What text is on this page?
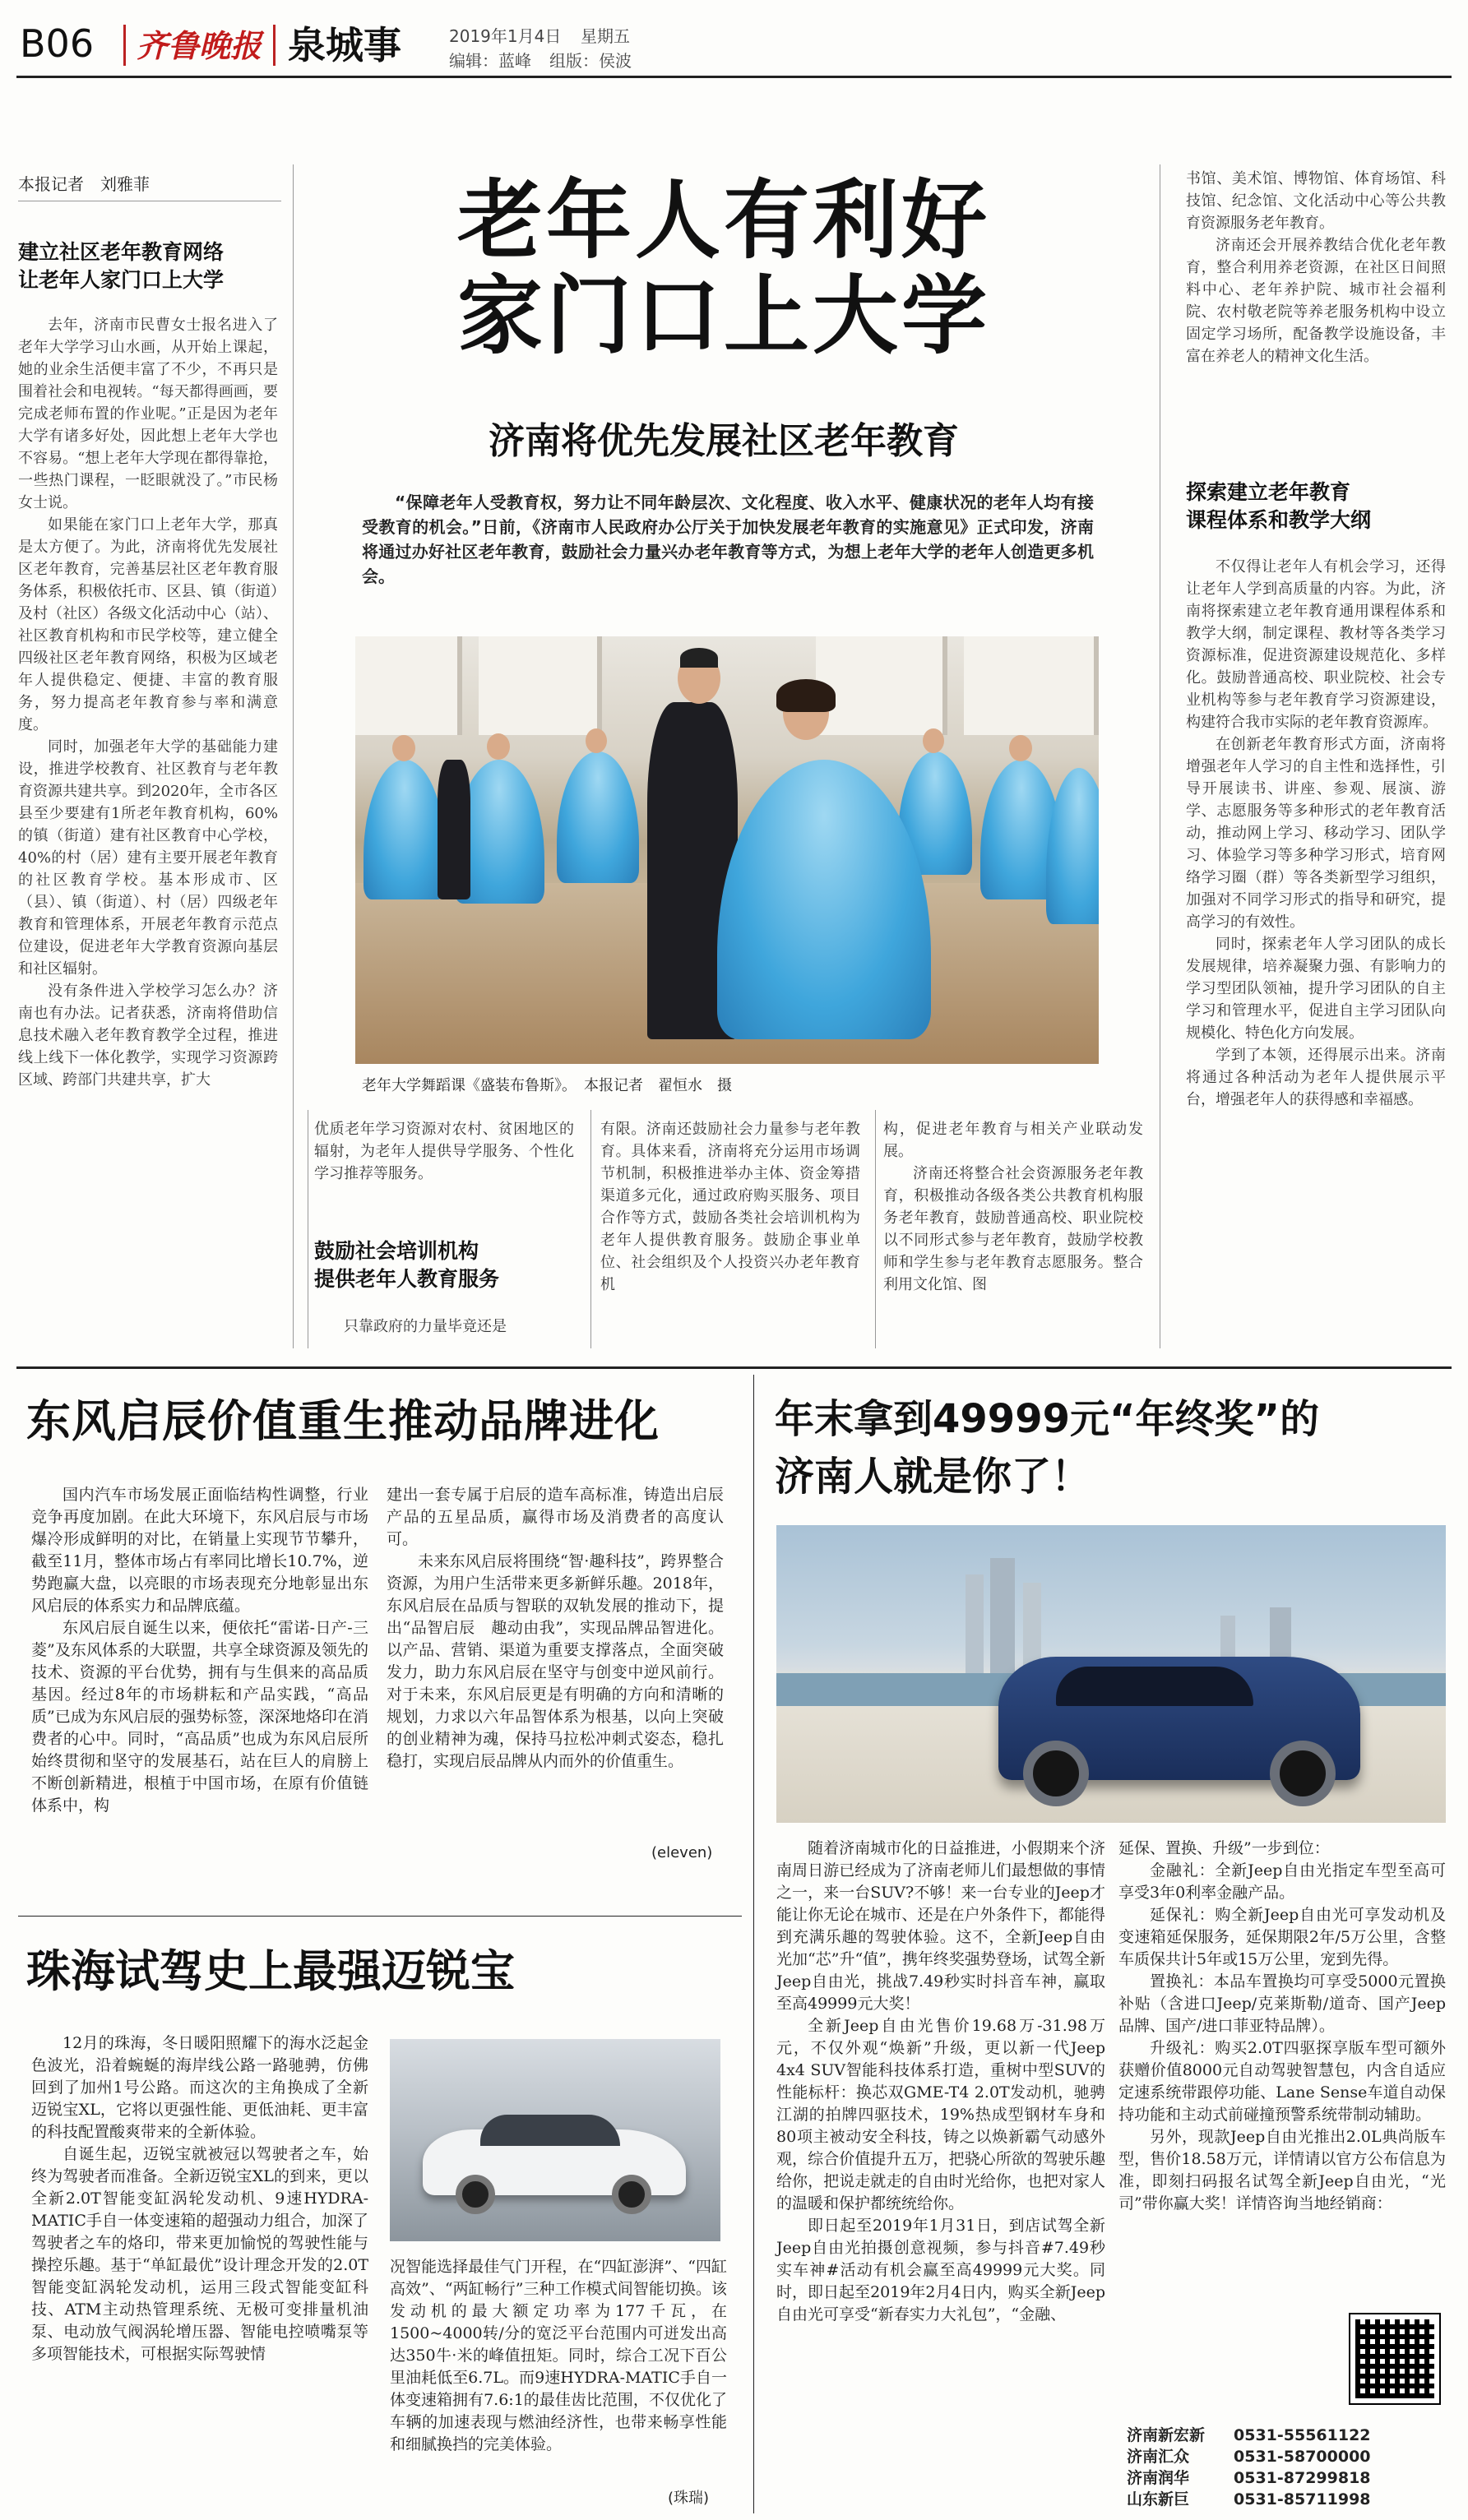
B06 齐鲁晚报 泉城事	2019年1月4日 星期五
编辑：蓝峰 组版：侯波
本报记者　刘雅菲
建立社区老年教育网络
让老年人家门口上大学

去年，济南市民曹女士报名进入了老年大学学习山水画，从开始上课起，她的业余生活便丰富了不少，不再只是围着社会和电视转。“每天都得画画，要完成老师布置的作业呢。”正是因为老年大学有诸多好处，因此想上老年大学也不容易。“想上老年大学现在都得靠抢，一些热门课程，一眨眼就没了。”市民杨女士说。

如果能在家门口上老年大学，那真是太方便了。为此，济南将优先发展社区老年教育，完善基层社区老年教育服务体系，积极依托市、区县、镇（街道）及村（社区）各级文化活动中心（站）、社区教育机构和市民学校等，建立健全四级社区老年教育网络，积极为区域老年人提供稳定、便捷、丰富的教育服务，努力提高老年教育参与率和满意度。

同时，加强老年大学的基础能力建设，推进学校教育、社区教育与老年教育资源共建共享。到2020年，全市各区县至少要建有1所老年教育机构，60%的镇（街道）建有社区教育中心学校，40%的村（居）建有主要开展老年教育的社区教育学校。基本形成市、区（县）、镇（街道）、村（居）四级老年教育和管理体系，开展老年教育示范点位建设，促进老年大学教育资源向基层和社区辐射。

没有条件进入学校学习怎么办？济南也有办法。记者获悉，济南将借助信息技术融入老年教育教学全过程，推进线上线下一体化教学，实现学习资源跨区域、跨部门共建共享，扩大

老年人有利好
家门口上大学
济南将优先发展社区老年教育
“保障老年人受教育权，努力让不同年龄层次、文化程度、收入水平、健康状况的老年人均有接受教育的机会。”日前，《济南市人民政府办公厅关于加快发展老年教育的实施意见》正式印发，济南将通过办好社区老年教育，鼓励社会力量兴办老年教育等方式，为想上老年大学的老年人创造更多机会。
老年大学舞蹈课《盛装布鲁斯》。　本报记者　翟恒水　摄

优质老年学习资源对农村、贫困地区的辐射，为老年人提供导学服务、个性化学习推荐等服务。

鼓励社会培训机构
提供老年人教育服务

只靠政府的力量毕竟还是

有限。济南还鼓励社会力量参与老年教育。具体来看，济南将充分运用市场调节机制，积极推进举办主体、资金筹措渠道多元化，通过政府购买服务、项目合作等方式，鼓励各类社会培训机构为老年人提供教育服务。鼓励企事业单位、社会组织及个人投资兴办老年教育机

构，促进老年教育与相关产业联动发展。

济南还将整合社会资源服务老年教育，积极推动各级各类公共教育机构服务老年教育，鼓励普通高校、职业院校以不同形式参与老年教育，鼓励学校教师和学生参与老年教育志愿服务。整合利用文化馆、图

书馆、美术馆、博物馆、体育场馆、科技馆、纪念馆、文化活动中心等公共教育资源服务老年教育。

济南还会开展养教结合优化老年教育，整合利用养老资源，在社区日间照料中心、老年养护院、城市社会福利院、农村敬老院等养老服务机构中设立固定学习场所，配备教学设施设备，丰富在养老人的精神文化生活。

探索建立老年教育
课程体系和教学大纲

不仅得让老年人有机会学习，还得让老年人学到高质量的内容。为此，济南将探索建立老年教育通用课程体系和教学大纲，制定课程、教材等各类学习资源标准，促进资源建设规范化、多样化。鼓励普通高校、职业院校、社会专业机构等参与老年教育学习资源建设，构建符合我市实际的老年教育资源库。

在创新老年教育形式方面，济南将增强老年人学习的自主性和选择性，引导开展读书、讲座、参观、展演、游学、志愿服务等多种形式的老年教育活动，推动网上学习、移动学习、团队学习、体验学习等多种学习形式，培育网络学习圈（群）等各类新型学习组织，加强对不同学习形式的指导和研究，提高学习的有效性。

同时，探索老年人学习团队的成长发展规律，培养凝聚力强、有影响力的学习型团队领袖，提升学习团队的自主学习和管理水平，促进自主学习团队向规模化、特色化方向发展。

学到了本领，还得展示出来。济南将通过各种活动为老年人提供展示平台，增强老年人的获得感和幸福感。

东风启辰价值重生推动品牌进化

国内汽车市场发展正面临结构性调整，行业竞争再度加剧。在此大环境下，东风启辰与市场爆冷形成鲜明的对比，在销量上实现节节攀升，截至11月，整体市场占有率同比增长10.7%，逆势跑赢大盘，以亮眼的市场表现充分地彰显出东风启辰的体系实力和品牌底蕴。

东风启辰自诞生以来，便依托“雷诺-日产-三菱”及东风体系的大联盟，共享全球资源及领先的技术、资源的平台优势，拥有与生俱来的高品质基因。经过8年的市场耕耘和产品实践，“高品质”已成为东风启辰的强势标签，深深地烙印在消费者的心中。同时，“高品质”也成为东风启辰所始终贯彻和坚守的发展基石，站在巨人的肩膀上不断创新精进，根植于中国市场，在原有价值链体系中，构

建出一套专属于启辰的造车高标准，铸造出启辰产品的五星品质，赢得市场及消费者的高度认可。

未来东风启辰将围绕“智·趣科技”，跨界整合资源，为用户生活带来更多新鲜乐趣。2018年，东风启辰在品质与智联的双轨发展的推动下，提出“品智启辰　趣动由我”，实现品牌品智进化。以产品、营销、渠道为重要支撑落点，全面突破发力，助力东风启辰在坚守与创变中逆风前行。对于未来，东风启辰更是有明确的方向和清晰的规划，力求以六年品智体系为根基，以向上突破的创业精神为魂，保持马拉松冲刺式姿态，稳扎稳打，实现启辰品牌从内而外的价值重生。

(eleven)
珠海试驾史上最强迈锐宝

12月的珠海，冬日暖阳照耀下的海水泛起金色波光，沿着蜿蜒的海岸线公路一路驰骋，仿佛回到了加州1号公路。而这次的主角换成了全新迈锐宝XL，它将以更强性能、更低油耗、更丰富的科技配置酸爽带来的全新体验。

自诞生起，迈锐宝就被冠以驾驶者之车，始终为驾驶者而准备。全新迈锐宝XL的到来，更以全新2.0T智能变缸涡轮发动机、9速HYDRA-MATIC手自一体变速箱的超强动力组合，加深了驾驶者之车的烙印，带来更加愉悦的驾驶性能与操控乐趣。基于“单缸最优”设计理念开发的2.0T智能变缸涡轮发动机，运用三段式智能变缸科技、ATM主动热管理系统、无极可变排量机油泵、电动放气阀涡轮增压器、智能电控喷嘴泵等多项智能技术，可根据实际驾驶情

况智能选择最佳气门开程，在“四缸澎湃”、“四缸高效”、“两缸畅行”三种工作模式间智能切换。该发动机的最大额定功率为177千瓦，在1500~4000转/分的宽泛平台范围内可迸发出高达350牛·米的峰值扭矩。同时，综合工况下百公里油耗低至6.7L。而9速HYDRA-MATIC手自一体变速箱拥有7.6:1的最佳齿比范围，不仅优化了车辆的加速表现与燃油经济性，也带来畅享性能和细腻换挡的完美体验。

(珠瑞)
年末拿到49999元“年终奖”的
济南人就是你了！

随着济南城市化的日益推进，小假期来个济南周日游已经成为了济南老师儿们最想做的事情之一，来一台SUV?不够！来一台专业的Jeep才能让你无论在城市、还是在户外条件下，都能得到充满乐趣的驾驶体验。这不，全新Jeep自由光加“芯”升“值”，携年终奖强势登场，试驾全新Jeep自由光，挑战7.49秒实时抖音车神，赢取至高49999元大奖！

全新Jeep自由光售价19.68万-31.98万元，不仅外观“焕新”升级，更以新一代Jeep 4x4 SUV智能科技体系打造，重树中型SUV的性能标杆：换芯双GME-T4 2.0T发动机，驰骋江湖的拍牌四驱技术，19%热成型钢材车身和80项主被动安全科技，铸之以焕新霸气动感外观，综合价值提升五万，把骁心所欲的驾驶乐趣给你，把说走就走的自由时光给你，也把对家人的温暖和保护都统统给你。

即日起至2019年1月31日，到店试驾全新Jeep自由光拍摄创意视频，参与抖音#7.49秒实车神#活动有机会赢至高49999元大奖。同时，即日起至2019年2月4日内，购买全新Jeep自由光可享受“新春实力大礼包”，“金融、

延保、置换、升级”一步到位：

金融礼：全新Jeep自由光指定车型至高可享受3年0利率金融产品。

延保礼：购全新Jeep自由光可享发动机及变速箱延保服务，延保期限2年/5万公里，含整车质保共计5年或15万公里，宠到先得。

置换礼：本品车置换均可享受5000元置换补贴（含进口Jeep/克莱斯勒/道奇、国产Jeep品牌、国产/进口菲亚特品牌）。

升级礼：购买2.0T四驱探享版车型可额外获赠价值8000元自动驾驶智慧包，内含自适应定速系统带跟停功能、Lane Sense车道自动保持功能和主动式前碰撞预警系统带制动辅助。

另外，现款Jeep自由光推出2.0L典尚版车型，售价18.58万元，详情请以官方公布信息为准，即刻扫码报名试驾全新Jeep自由光，“光司”带你赢大奖！详情咨询当地经销商：

济南新宏新	0531-55561122
济南汇众	0531-58700000
济南润华	0531-87299818
山东新巨	0531-85711998
